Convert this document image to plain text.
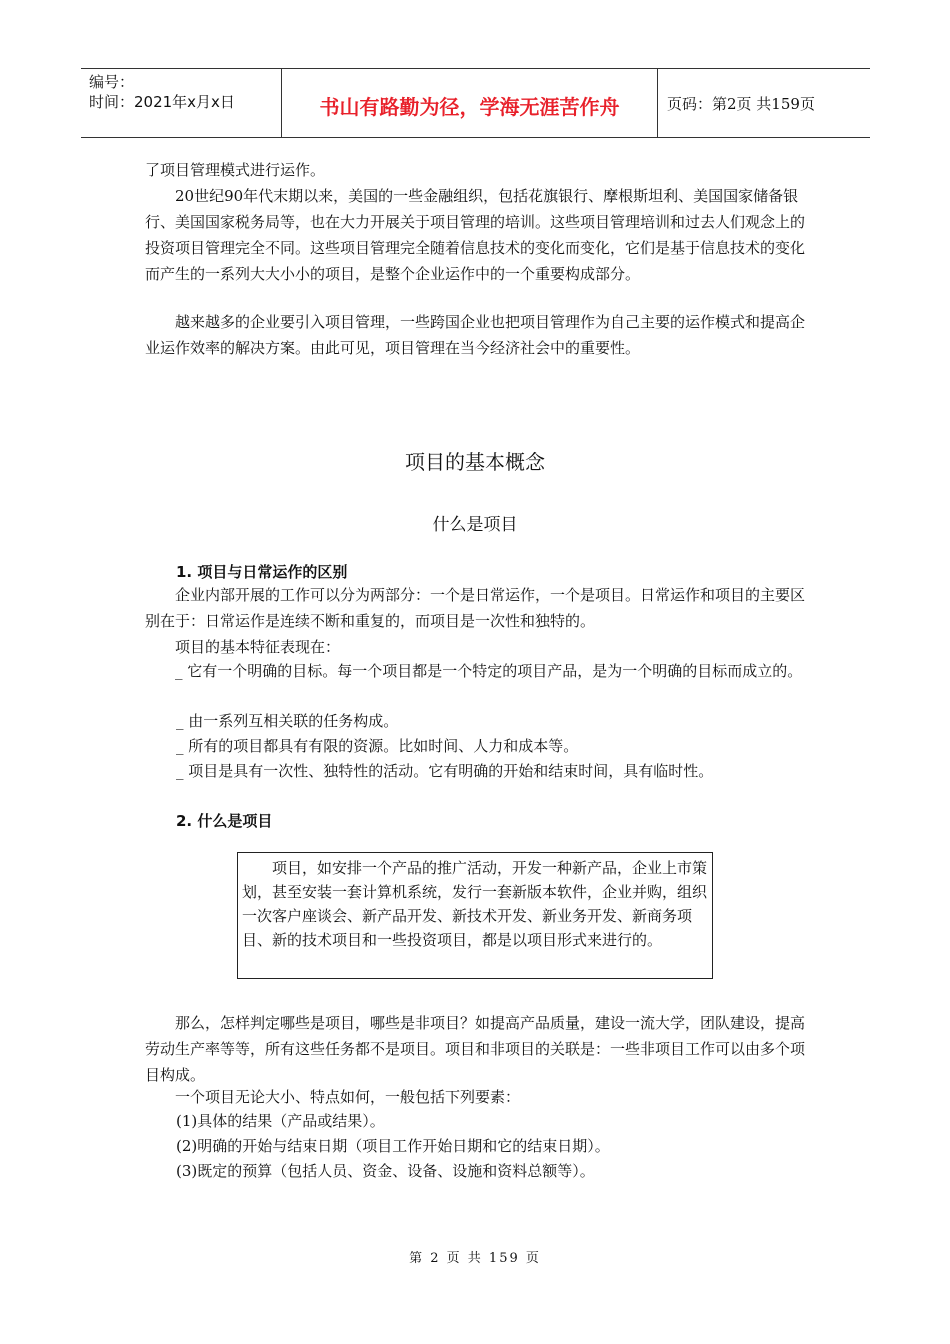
编号：
时间：2021年x月x日	书山有路勤为径，学海无涯苦作舟	页码：第2页 共159页

了项目管理模式进行运作。

20世纪90年代末期以来，美国的一些金融组织，包括花旗银行、摩根斯坦利、美国国家储备银行、美国国家税务局等，也在大力开展关于项目管理的培训。这些项目管理培训和过去人们观念上的投资项目管理完全不同。这些项目管理完全随着信息技术的变化而变化，它们是基于信息技术的变化而产生的一系列大大小小的项目，是整个企业运作中的一个重要构成部分。

越来越多的企业要引入项目管理，一些跨国企业也把项目管理作为自己主要的运作模式和提高企业运作效率的解决方案。由此可见，项目管理在当今经济社会中的重要性。

项目的基本概念
什么是项目
1. 项目与日常运作的区别

企业内部开展的工作可以分为两部分：一个是日常运作，一个是项目。日常运作和项目的主要区别在于：日常运作是连续不断和重复的，而项目是一次性和独特的。

项目的基本特征表现在：

_ 它有一个明确的目标。每一个项目都是一个特定的项目产品，是为一个明确的目标而成立的。

_ 由一系列互相关联的任务构成。

_ 所有的项目都具有有限的资源。比如时间、人力和成本等。

_ 项目是具有一次性、独特性的活动。它有明确的开始和结束时间，具有临时性。

2. 什么是项目

项目，如安排一个产品的推广活动，开发一种新产品，企业上市策划，甚至安装一套计算机系统，发行一套新版本软件，企业并购，组织一次客户座谈会、新产品开发、新技术开发、新业务开发、新商务项目、新的技术项目和一些投资项目，都是以项目形式来进行的。

那么，怎样判定哪些是项目，哪些是非项目？如提高产品质量，建设一流大学，团队建设，提高劳动生产率等等，所有这些任务都不是项目。项目和非项目的关联是：一些非项目工作可以由多个项目构成。

一个项目无论大小、特点如何，一般包括下列要素：

(1)具体的结果（产品或结果）。

(2)明确的开始与结束日期（项目工作开始日期和它的结束日期）。

(3)既定的预算（包括人员、资金、设备、设施和资料总额等）。

第 2 页 共 159 页
